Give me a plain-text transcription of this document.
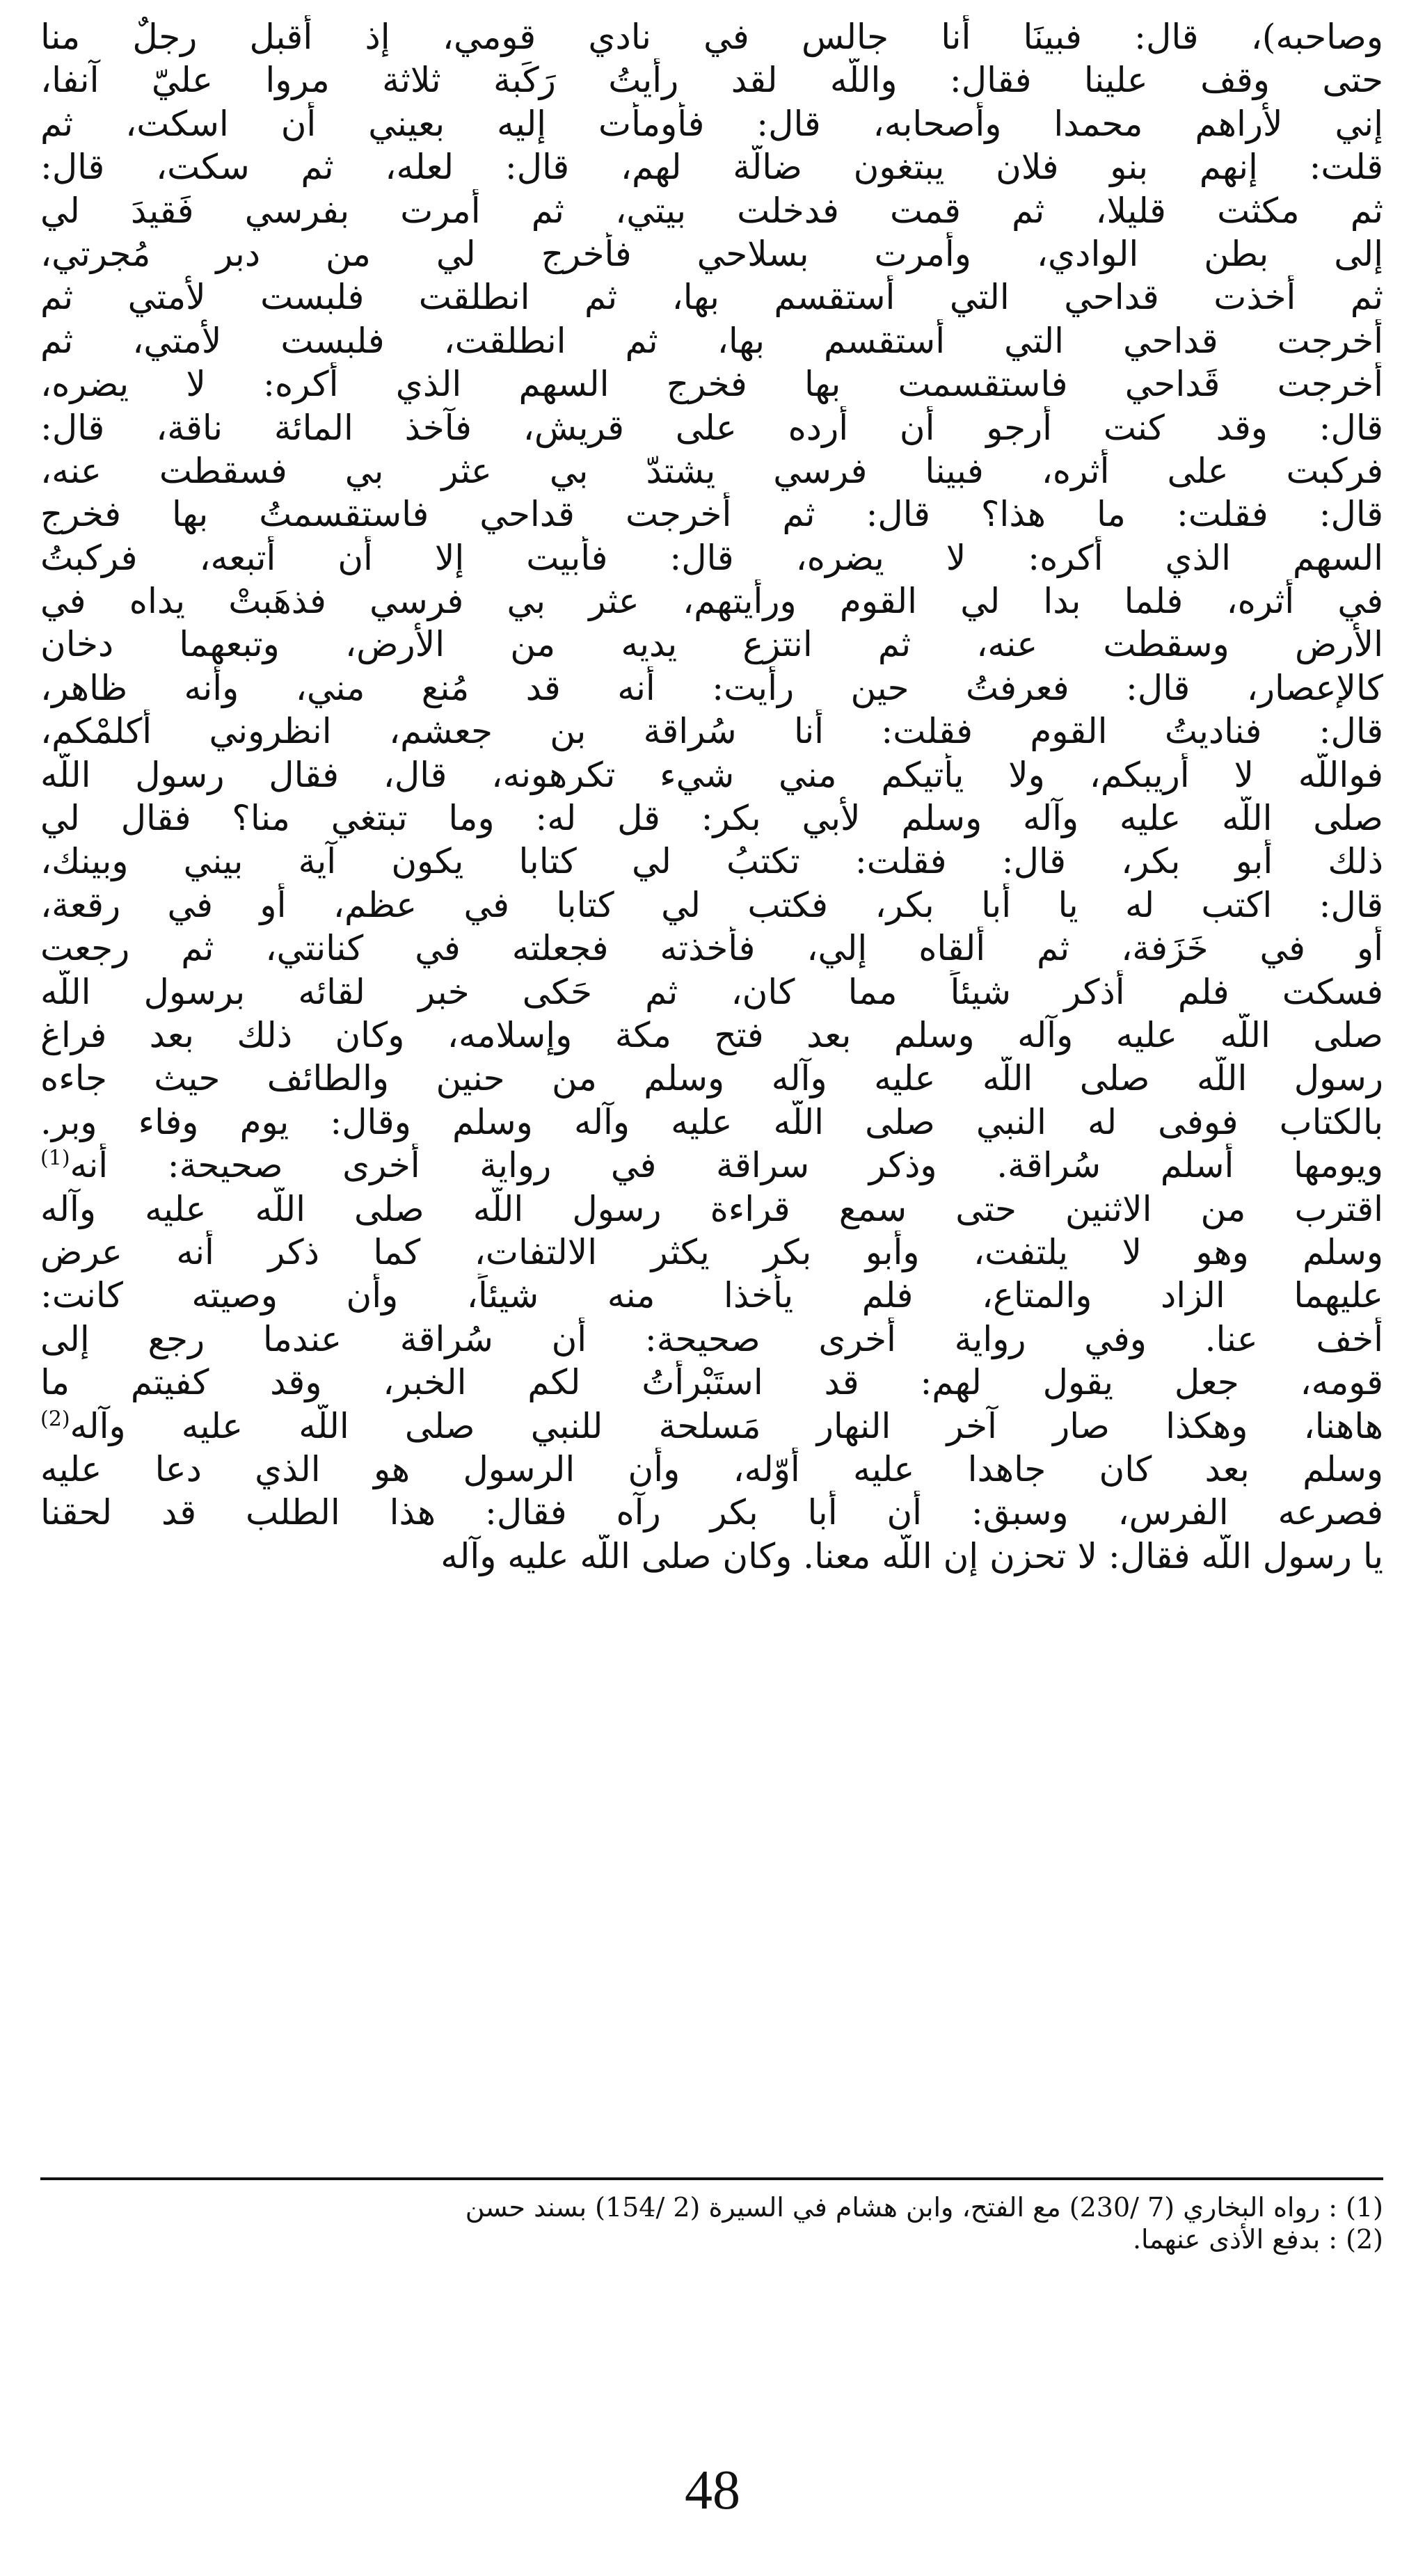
وصاحبه)، قال: فبينَا أنا جالس في نادي قومي، إذ أقبل رجلٌ منا
حتى وقف علينا فقال: واللّه لقد رأيتُ رَكَبة ثلاثة مروا عليّ آنفا،
إني لأراهم محمدا وأصحابه، قال: فأومأت إليه بعيني أن اسكت، ثم
قلت: إنهم بنو فلان يبتغون ضالّة لهم، قال: لعله، ثم سكت، قال:
ثم مكثت قليلا، ثم قمت فدخلت بيتي، ثم أمرت بفرسي فَقيدَ لي
إلى بطن الوادي، وأمرت بسلاحي فأخرج لي من دبر مُجرتي،
ثم أخذت قداحي التي أستقسم بها، ثم انطلقت فلبست لأمتي ثم
أخرجت قداحي التي أستقسم بها، ثم انطلقت، فلبست لأمتي، ثم
أخرجت قَداحي فاستقسمت بها فخرج السهم الذي أكره: لا يضره،
قال: وقد كنت أرجو أن أرده على قريش، فآخذ المائة ناقة، قال:
فركبت على أثره، فبينا فرسي يشتدّ بي عثر بي فسقطت عنه،
قال: فقلت: ما هذا؟ قال: ثم أخرجت قداحي فاستقسمتُ بها فخرج
السهم الذي أكره: لا يضره، قال: فأبيت إلا أن أتبعه، فركبتُ
في أثره، فلما بدا لي القوم ورأيتهم، عثر بي فرسي فذهَبتْ يداه في
الأرض وسقطت عنه، ثم انتزع يديه من الأرض، وتبعهما دخان
كالإعصار، قال: فعرفتُ حين رأيت: أنه قد مُنع مني، وأنه ظاهر،
قال: فناديتُ القوم فقلت: أنا سُراقة بن جعشم، انظروني أكلمْكم،
فواللّه لا أريبكم، ولا يأتيكم مني شيء تكرهونه، قال، فقال رسول اللّه
صلى اللّه عليه وآله وسلم لأبي بكر: قل له: وما تبتغي منا؟ فقال لي
ذلك أبو بكر، قال: فقلت: تكتبُ لي كتابا يكون آية بيني وبينك،
قال: اكتب له يا أبا بكر، فكتب لي كتابا في عظم، أو في رقعة،
أو في خَزَفة، ثم ألقاه إلي، فأخذته فجعلته في كنانتي، ثم رجعت
فسكت فلم أذكر شيئاً مما كان، ثم حَكى خبر لقائه برسول اللّه
صلى اللّه عليه وآله وسلم بعد فتح مكة وإسلامه، وكان ذلك بعد فراغ
رسول اللّه صلى اللّه عليه وآله وسلم من حنين والطائف حيث جاءه
بالكتاب فوفى له النبي صلى اللّه عليه وآله وسلم وقال: يوم وفاء وبر.
ويومها أسلم سُراقة. وذكر سراقة في رواية أخرى صحيحة: أنه$^{(1)}$
اقترب من الاثنين حتى سمع قراءة رسول اللّه صلى اللّه عليه وآله
وسلم وهو لا يلتفت، وأبو بكر يكثر الالتفات، كما ذكر أنه عرض
عليهما الزاد والمتاع، فلم يأخذا منه شيئاً، وأن وصيته كانت:
أخف عنا. وفي رواية أخرى صحيحة: أن سُراقة عندما رجع إلى
قومه، جعل يقول لهم: قد استَبْرأْتُ لكم الخبر، وقد كفيتم ما
هاهنا، وهكذا صار آخر النهار مَسلحة للنبي صلى اللّه عليه وآله$^{(2)}$
وسلم بعد كان جاهدا عليه أوّله، وأن الرسول هو الذي دعا عليه
فصرعه الفرس، وسبق: أن أبا بكر رآه فقال: هذا الطلب قد لحقنا
يا رسول اللّه فقال: لا تحزن إن اللّه معنا. وكان صلى اللّه عليه وآله
(1) : رواه البخاري (7 /230) مع الفتح، وابن هشام في السيرة (2 /154) بسند حسن
(2) : بدفع الأذى عنهما.
48
